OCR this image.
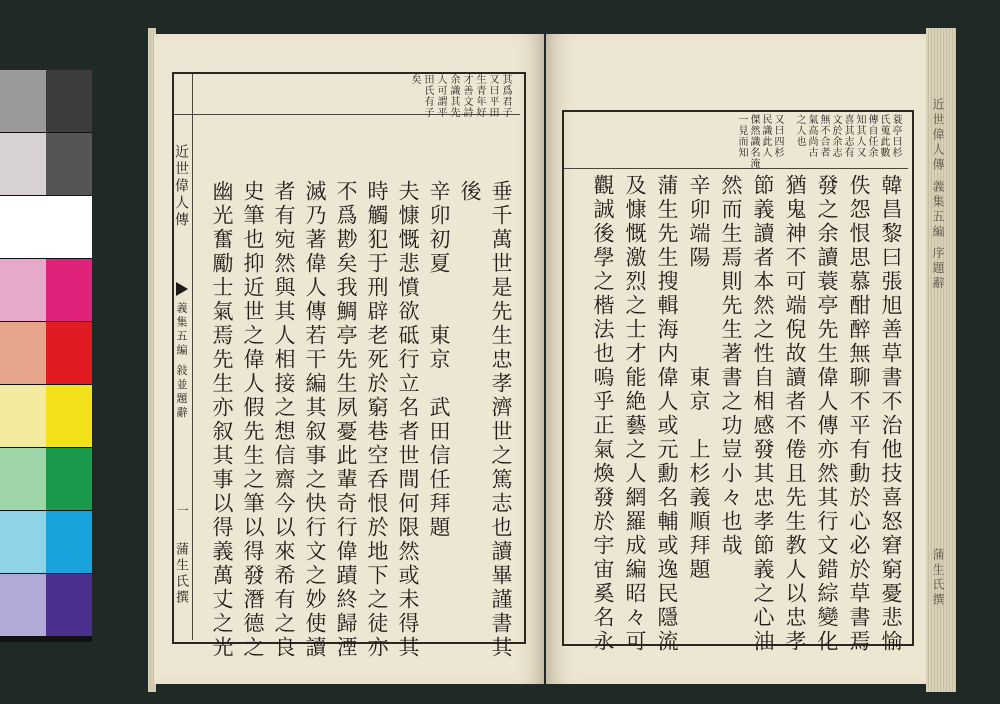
其爲君子
又曰平田
生青年好
才善文詩
余識其先
人可謂平
田氏有子
矣
近世偉人傳
義集五編 敍並題辭
一
蒲生氏撰	垂千萬世是先生忠孝濟世之篤志也讀畢謹書其
後
辛卯初夏　　東京　武田信任拜題
夫慷慨悲憤欲砥行立名者世間何限然或未得其
時觸犯于刑辟老死於窮巷空呑恨於地下之徒亦
不爲尠矣我鯛亭先生夙憂此輩奇行偉蹟終歸湮
滅乃著偉人傳若干編其叙事之快行文之妙使讀
者有宛然與其人相接之想信齋今以來希有之良
史筆也抑近世之偉人假先生之筆以得發潛德之
幽光奮勵士氣焉先生亦叙其事以得義萬丈之光
蓑亭曰杉
氏蒐此數
傳自任余
知其人又
喜其志有
文於余志
無不合者
氣高尚古
之人也
又曰四杉
民識此人
傑然識名淹
一見而知
韓昌黎曰張旭善草書不治他技喜怒窘窮憂悲愉
佚怨恨思慕酣醉無聊不平有動於心必於草書焉
發之余讀蓑亭先生偉人傳亦然其行文錯綜變化
猶鬼神不可端倪故讀者不倦且先生教人以忠孝
節義讀者本然之性自相感發其忠孝節義之心油
然而生焉則先生著書之功豈小々也哉
辛卯端陽　　　　東京　上杉義順拜題
蒲生先生搜輯海内偉人或元勳名輔或逸民隱流
及慷慨激烈之士才能絶藝之人網羅成編昭々可
觀誠後學之楷法也嗚乎正氣煥發於宇宙奚名永	近世偉人傳 義集五編 序題辭
蒲生氏撰
